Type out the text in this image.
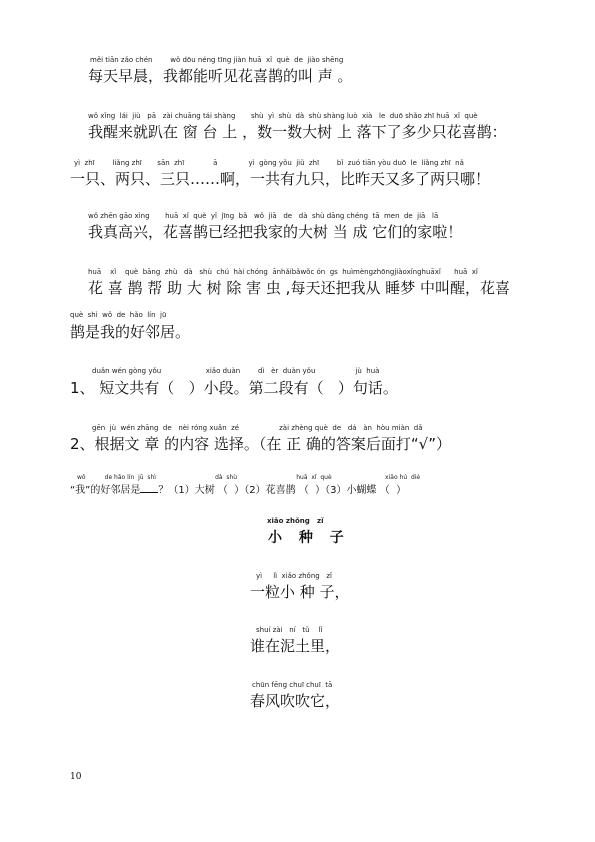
měi tiān zǎo chén        wǒ dōu néng tīng jiàn huā  xǐ  què  de  jiào shēng
每天早晨，我都能听见花喜鹊的叫 声 。
wǒ xǐng  lái  jiù   pā   zài chuāng tái shàng       shù  yì  shù  dà  shù shàng luò  xià   le  duō shǎo zhī huā  xǐ  què
我醒来就趴在 窗 台 上 ，数一数大树 上 落下了多少只花喜鹊：
yì  zhī        liǎng zhī       sān  zhī             ā              yì  gòng yǒu  jiǔ  zhī        bǐ  zuó tiān yòu duō  le  liǎng zhī  nǎ
一只、两只、三只……啊，一共有九只，比昨天又多了两只哪！
wǒ zhēn gāo xìng       huā  xǐ  què  yǐ  jīng  bǎ   wǒ  jiā   de   dà  shù dāng chéng  tā  men  de  jiā   lā
我真高兴，花喜鹊已经把我家的大树 当 成 它们的家啦！
huā    xǐ    què  bāng  zhù   dà   shù  chú  hài chóng  ānhǎibǎwǒc ón  gs  huìmèngzhōngjiàoxǐnghuāxǐ      huā  xǐ
花 喜 鹊 帮 助 大 树 除 害 虫 ,每天还把我从 睡梦 中叫醒，花喜
què  shì  wǒ  de  hǎo  lín  jū
鹊是我的好邻居。
duǎn wén gòng yǒu                    xiǎo duàn        dì   èr  duàn yǒu                  jù  huà
1、 短文共有（   ）小段。第二段有（   ）句话。
gēn  jù  wén zhāng  de   nèi róng xuǎn  zé                  zài zhèng què  de   dá   àn  hòu miàn  dǎ
2、根据文 章 的内容 选择。（在 正 确的答案后面打“√”）
wǒ          de hǎo lín  jū  shì                               dà  shù                               huā  xǐ  què                            xiǎo hú  dié
“我”的好邻居是 ？（1）大树 （  ）（2）花喜鹊 （  ）（3）小蝴蝶 （  ）
xiǎo zhǒng   zǐ
小 种 子
yì     lì  xiǎo zhǒng   zǐ
一粒小 种 子，
shuí zài   ní   tǔ    lǐ
谁在泥土里，
chūn fēng chuī chuī  tā
春风吹吹它，
10
